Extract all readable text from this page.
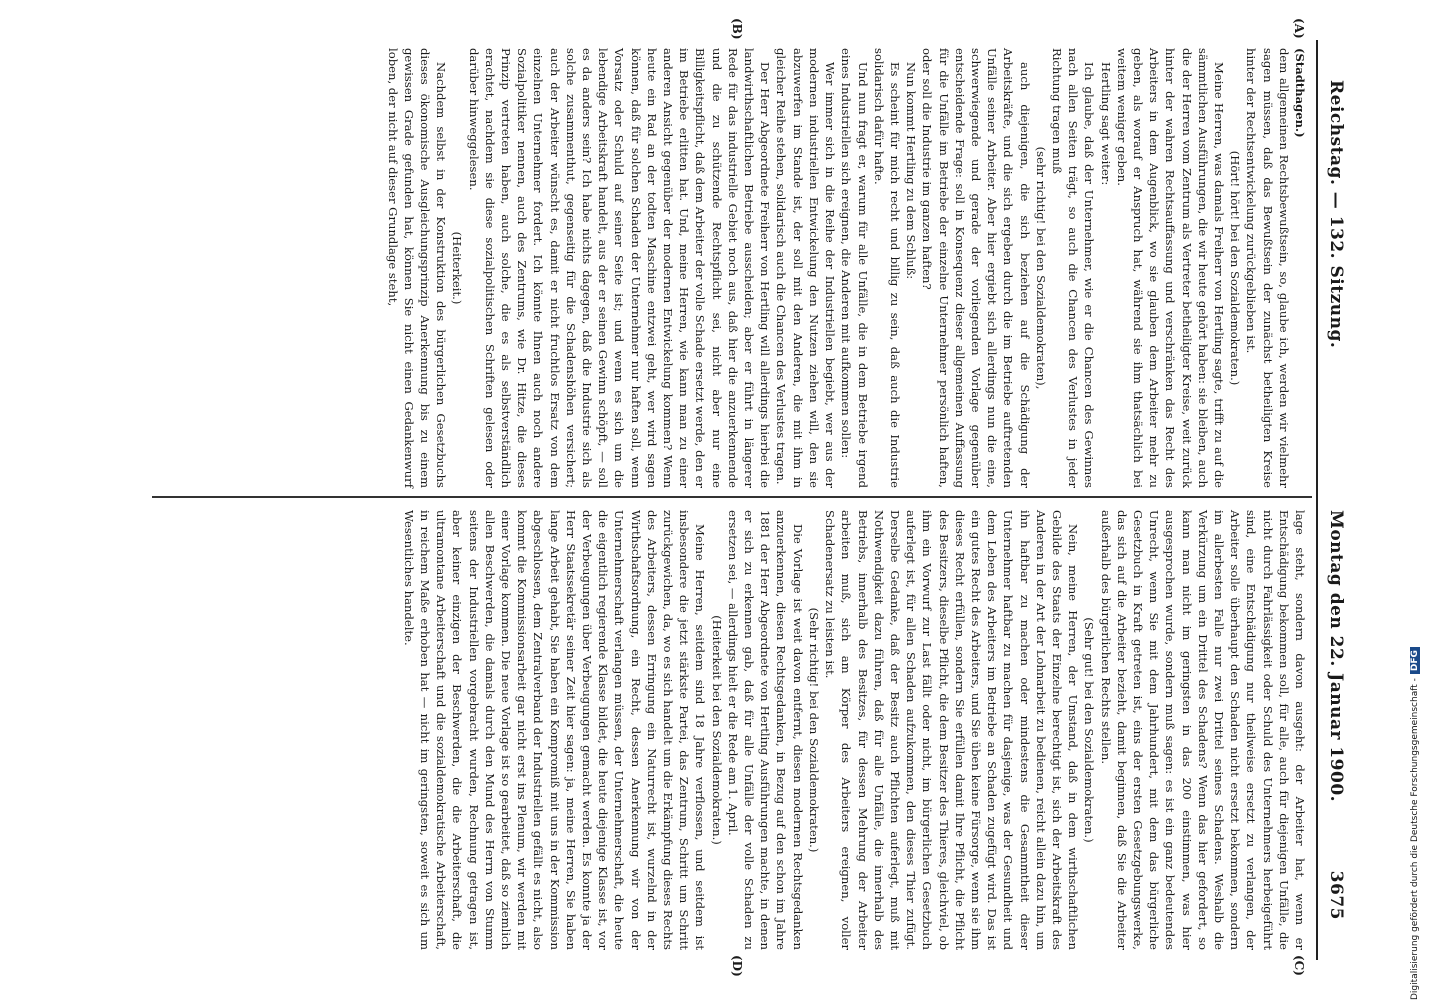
Reichstag. — 132. Sitzung.
Montag den 22. Januar 1900.
3675
(A)
(B)
(C)
(D)

(Stadthagen.)

dem allgemeinen Rechtsbewußtsein, so, glaube ich, werden wir vielmehr sagen müssen, daß das Bewußtsein der zunächst betheiligten Kreise hinter der Rechtsentwickelung zurückgeblieben ist.

(Hört! hört! bei den Sozialdemokraten.)

Meine Herren, was damals Freiherr von Hertling sagte, trifft zu auf die sämmtlichen Ausführungen, die wir heute gehört haben: sie bleiben, auch die der Herren vom Zentrum als Vertreter betheiligter Kreise, weit zurück hinter der wahren Rechtsauffassung und verschränken das Recht des Arbeiters in dem Augenblick, wo sie glauben dem Arbeiter mehr zu geben, als worauf er Anspruch hat, während sie ihm thatsächlich bei weitem weniger geben.

Hertling sagt weiter:

Ich glaube, daß der Unternehmer, wie er die Chancen des Gewinnes nach allen Seiten trägt, so auch die Chancen des Verlustes in jeder Richtung tragen muß

(sehr richtig! bei den Sozialdemokraten),

auch diejenigen, die sich beziehen auf die Schädigung der Arbeitskräfte, und die sich ergeben durch die im Betriebe auftretenden Unfälle seiner Arbeiter. Aber hier ergiebt sich allerdings nun die eine, schwerwiegende und gerade der vorliegenden Vorlage gegenüber entscheidende Frage: soll in Konsequenz dieser allgemeinen Auffassung für die Unfälle im Betriebe der einzelne Unternehmer persönlich haften, oder soll die Industrie im ganzen haften?

Nun kommt Hertling zu dem Schluß:

Es scheint für mich recht und billig zu sein, daß auch die Industrie solidarisch dafür hafte.

Und nun fragt er, warum für alle Unfälle, die in dem Betriebe irgend eines Industriellen sich ereignen, die Anderen mit aufkommen sollen:

Wer immer sich in die Reihe der Industriellen begiebt, wer aus der modernen industriellen Entwickelung den Nutzen ziehen will, den sie abzuwerfen im Stande ist, der soll mit den Anderen, die mit ihm in gleicher Reihe stehen, solidarisch auch die Chancen des Verlustes tragen.

Der Herr Abgeordnete Freiherr von Hertling will allerdings hierbei die landwirthschaftlichen Betriebe ausscheiden; aber er führt in längerer Rede für das industrielle Gebiet noch aus, daß hier die anzuerkennende und die zu schützende Rechtspflicht sei, nicht aber nur eine Billigkeitspflicht, daß dem Arbeiter der volle Schade ersetzt werde, den er im Betriebe erlitten hat. Und, meine Herren, wie kann man zu einer anderen Ansicht gegenüber der modernen Entwickelung kommen? Wenn heute ein Rad an der todten Maschine entzwei geht, wer wird sagen können, daß für solchen Schaden der Unternehmer nur haften soll, wenn Vorsatz oder Schuld auf seiner Seite ist; und wenn es sich um die lebendige Arbeitskraft handelt, aus der er seinen Gewinn schöpft, — soll es da anders sein? Ich habe nichts dagegen, daß die Industrie sich als solche zusammenthut, gegenseitig für die Schadenshöhen versichert; auch der Arbeiter wünscht es, damit er nicht fruchtlos Ersatz von dem einzelnen Unternehmer fordert. Ich könnte Ihnen auch noch andere Sozialpolitiker nennen, auch des Zentrums, wie Dr. Hitze, die dieses Prinzip vertreten haben, auch solche, die es als selbstverständlich erachtet, nachdem sie diese sozialpolitischen Schriften gelesen oder darüber hinweggelesen.

(Heiterkeit.)

Nachdem selbst in der Konstruktion des bürgerlichen Gesetzbuchs dieses ökonomische Ausgleichungsprinzip Anerkennung bis zu einem gewissen Grade gefunden hat, können Sie nicht einen Gedankenwurf loben, der nicht auf dieser Grundlage steht,

lage steht, sondern davon ausgeht: der Arbeiter hat, wenn er Entschädigung bekommen soll, für alle, auch für diejenigen Unfälle, die nicht durch Fahrlässigkeit oder Schuld des Unternehmers herbeigeführt sind, eine Entschädigung nur theilweise ersetzt zu verlangen, der Arbeiter solle überhaupt den Schaden nicht ersetzt bekommen, sondern im allerbesten Falle nur zwei Drittel seines Schadens. Weshalb die Verkürzung um ein Drittel des Schadens? Wenn das hier gefordert, so kann man nicht im geringsten in das 200 einstimmen, was hier ausgesprochen wurde, sondern muß sagen: es ist ein ganz bedeutendes Unrecht, wenn Sie mit dem Jahrhundert, mit dem das bürgerliche Gesetzbuch in Kraft getreten ist, eins der ersten Gesetzgebungswerke, das sich auf die Arbeiter bezieht, damit beginnen, daß Sie die Arbeiter außerhalb des bürgerlichen Rechts stellen.

(Sehr gut! bei den Sozialdemokraten.)

Nein, meine Herren, der Umstand, daß in dem wirthschaftlichen Gebilde des Staats der Einzelne berechtigt ist, sich der Arbeitskraft des Anderen in der Art der Lohnarbeit zu bedienen, reicht allein dazu hin, um ihn haftbar zu machen oder mindestens die Gesammtheit dieser Unternehmer haftbar zu machen für dasjenige, was der Gesundheit und dem Leben des Arbeiters im Betriebe an Schaden zugefügt wird. Das ist ein gutes Recht des Arbeiters, und Sie üben keine Fürsorge, wenn sie ihm dieses Recht erfüllen, sondern Sie erfüllen damit Ihre Pflicht, die Pflicht des Besitzers, dieselbe Pflicht, die dem Besitzer des Thieres, gleichviel, ob ihm ein Vorwurf zur Last fällt oder nicht, im bürgerlichen Gesetzbuch auferlegt ist, für allen Schaden aufzukommen, den dieses Thier zufügt. Derselbe Gedanke, daß der Besitz auch Pflichten auferlegt, muß mit Nothwendigkeit dazu führen, daß für alle Unfälle, die innerhalb des Betriebs, innerhalb des Besitzes, für dessen Mehrung der Arbeiter arbeiten muß, sich am Körper des Arbeiters ereignen, voller Schadenersatz zu leisten ist.

(Sehr richtig! bei den Sozialdemokraten.)

Die Vorlage ist weit davon entfernt, diesen modernen Rechtsgedanken anzuerkennen, diesen Rechtsgedanken, in Bezug auf den schon im Jahre 1881 der Herr Abgeordnete von Hertling Ausführungen machte, in denen er sich zu erkennen gab, daß für alle Unfälle der volle Schaden zu ersetzen sei, — allerdings hielt er die Rede am 1. April.

(Heiterkeit bei den Sozialdemokraten.)

Meine Herren, seitdem sind 18 Jahre verflossen, und seitdem ist insbesondere die jetzt stärkste Partei, das Zentrum, Schritt um Schritt zurückgewichen, da, wo es sich handelt um die Erkämpfung dieses Rechts des Arbeiters, dessen Erringung ein Naturrecht ist, wurzelnd in der Wirthschaftsordnung, ein Recht, dessen Anerkennung wir von der Unternehmerschaft verlangen müssen, der Unternehmerschaft, die heute die eigentlich regierende Klasse bildet, die heute diejenige Klasse ist, vor der Verbeugungen über Verbeugungen gemacht werden. Es konnte ja der Herr Staatssekretär seiner Zeit hier sagen: ja, meine Herren, Sie haben lange Arbeit gehabt, Sie haben ein Kompromiß mit uns in der Kommission abgeschlossen, dem Zentralverband der Industriellen gefällt es nicht, also kommt die Kommissionsarbeit gar nicht erst ins Plenum, wir werden mit einer Vorlage kommen. Die neue Vorlage ist so gearbeitet, daß so ziemlich allen Beschwerden, die damals durch den Mund des Herrn von Stumm seitens der Industriellen vorgebracht wurden, Rechnung getragen ist, aber keiner einzigen der Beschwerden, die die Arbeiterschaft, die ultramontane Arbeiterschaft und die sozialdemokratische Arbeiterschaft, in reichem Maße erhoben hat — nicht im geringsten, soweit es sich um Wesentliches handelte.

Digitalisierung gefördert durch die Deutsche Forschungsgemeinschaft -DFG
